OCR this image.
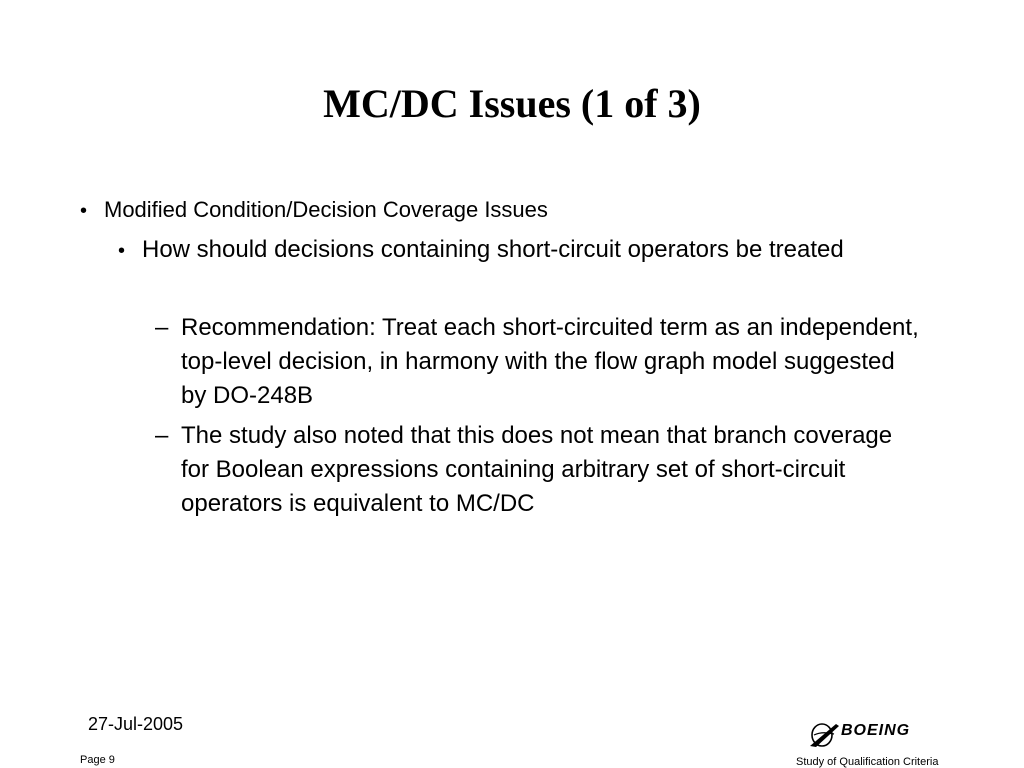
MC/DC Issues (1 of 3)
• Modified Condition/Decision Coverage Issues
• How should decisions containing short-circuit operators be treated
– Recommendation: Treat each short-circuited term as an independent, top-level decision, in harmony with the flow graph model suggested by DO-248B
– The study also noted that this does not mean that branch coverage for Boolean expressions containing arbitrary set of short-circuit operators is equivalent to MC/DC
27-Jul-2005
Page 9
BOEING
Study of Qualification Criteria
